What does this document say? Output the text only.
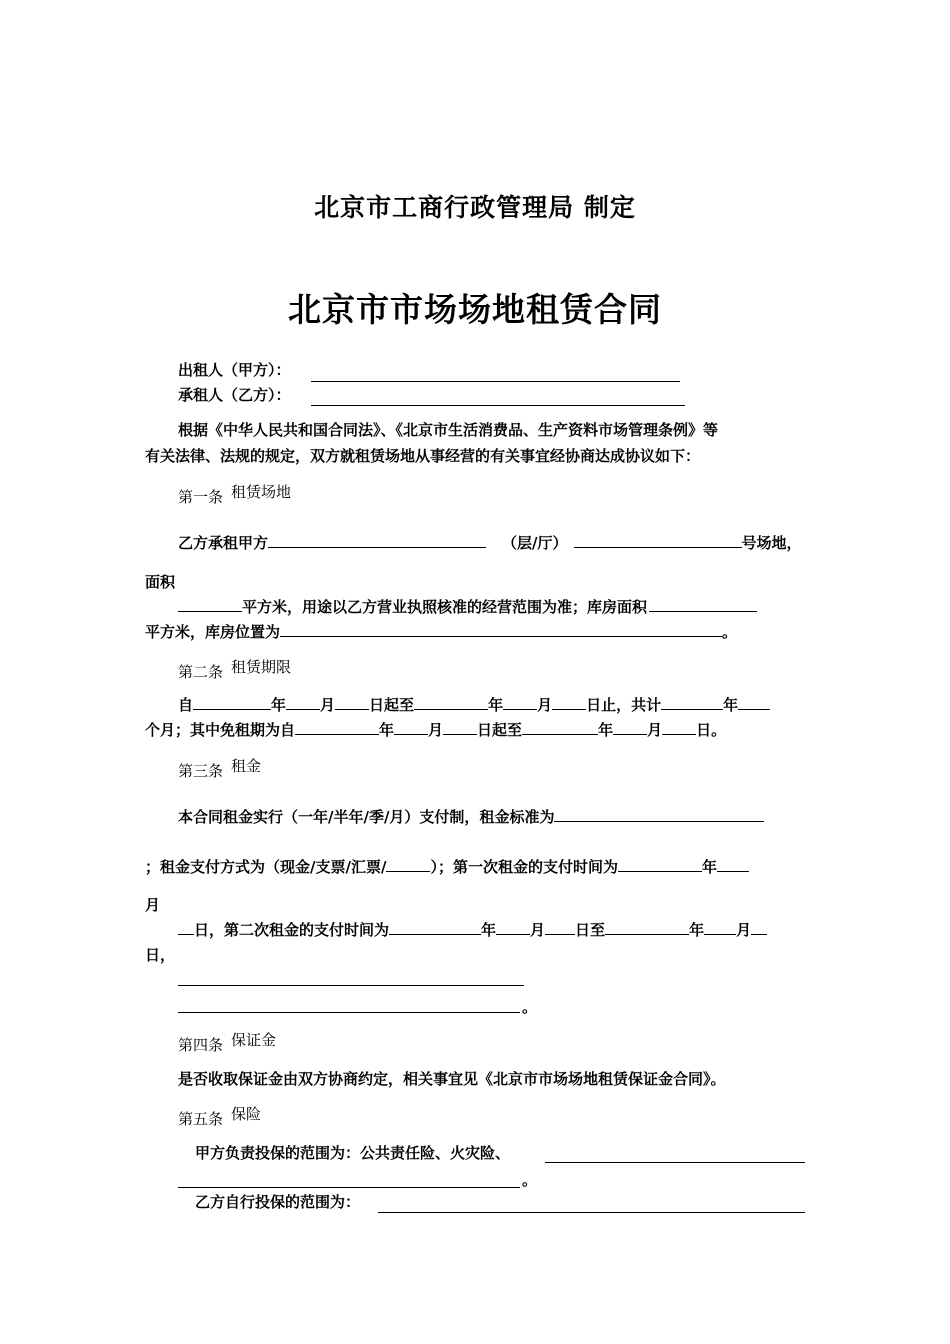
北京市工商行政管理局 制定
北京市市场场地租赁合同
出租人（甲方）：
承租人（乙方）：
根据《中华人民共和国合同法》、《北京市生活消费品、生产资料市场管理条例》等
有关法律、法规的规定，双方就租赁场地从事经营的有关事宜经协商达成协议如下：
第一条 租赁场地
乙方承租甲方	（层/厅）	号场地，
面积
平方米，用途以乙方营业执照核准的经营范围为准；库房面积
平方米，库房位置为	。
第二条 租赁期限
自	年 月 日起至	年 月 日止，共计	年
个月；其中免租期为自	年 月 日起至	年 月 日。
第三条 租金
本合同租金实行（一年/半年/季/月）支付制，租金标准为
；租金支付方式为（现金/支票/汇票/	）；第一次租金的支付时间为	年
月
日，第二次租金的支付时间为	年 月 日至	年 月
日，
。
第四条 保证金
是否收取保证金由双方协商约定，相关事宜见《北京市市场场地租赁保证金合同》。
第五条 保险
甲方负责投保的范围为：公共责任险、火灾险、
。
乙方自行投保的范围为：
